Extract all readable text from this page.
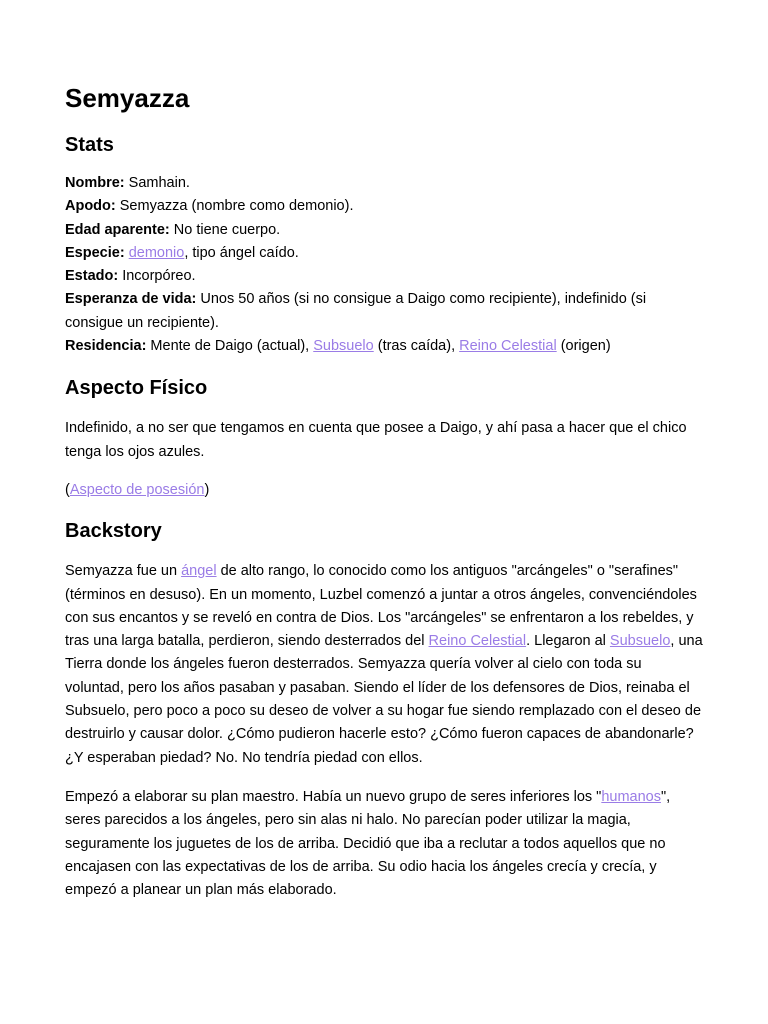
Semyazza
Stats

Nombre: Samhain.

Apodo: Semyazza (nombre como demonio).

Edad aparente: No tiene cuerpo.

Especie: demonio, tipo ángel caído.

Estado: Incorpóreo.

Esperanza de vida: Unos 50 años (si no consigue a Daigo como recipiente), indefinido (si consigue un recipiente).

Residencia: Mente de Daigo (actual), Subsuelo (tras caída), Reino Celestial (origen)

Aspecto Físico

Indefinido, a no ser que tengamos en cuenta que posee a Daigo, y ahí pasa a hacer que el chico tenga los ojos azules.

(Aspecto de posesión)

Backstory

Semyazza fue un ángel de alto rango, lo conocido como los antiguos "arcángeles" o "serafines" (términos en desuso). En un momento, Luzbel comenzó a juntar a otros ángeles, convenciéndoles con sus encantos y se reveló en contra de Dios. Los "arcángeles" se enfrentaron a los rebeldes, y tras una larga batalla, perdieron, siendo desterrados del Reino Celestial. Llegaron al Subsuelo, una Tierra donde los ángeles fueron desterrados. Semyazza quería volver al cielo con toda su voluntad, pero los años pasaban y pasaban. Siendo el líder de los defensores de Dios, reinaba el Subsuelo, pero poco a poco su deseo de volver a su hogar fue siendo remplazado con el deseo de destruirlo y causar dolor. ¿Cómo pudieron hacerle esto? ¿Cómo fueron capaces de abandonarle? ¿Y esperaban piedad? No. No tendría piedad con ellos.

Empezó a elaborar su plan maestro. Había un nuevo grupo de seres inferiores los "humanos", seres parecidos a los ángeles, pero sin alas ni halo. No parecían poder utilizar la magia, seguramente los juguetes de los de arriba. Decidió que iba a reclutar a todos aquellos que no encajasen con las expectativas de los de arriba. Su odio hacia los ángeles crecía y crecía, y empezó a planear un plan más elaborado.
